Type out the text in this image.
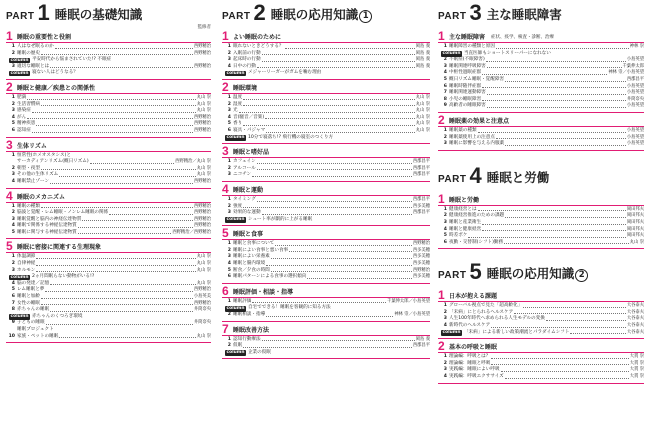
PART 1 睡眠の基礎知識
監修者
1 睡眠の重要性と役割
1 人はなぜ眠るのか	西野精治
2 睡眠の歴史	西野精治
column 平安時代から悩まされていた!? 不眠症
3 適切な睡眠とは	西野精治
column 寝ない人はどうなる？
2 睡眠と健康／疾患との関係性
1 肥満	丸山 崇
2 生活習慣病	丸山 崇
3 感染症	丸山 崇
4 がん	西野精治
5 精神疾患	西野精治
6 認知症	西野精治
3 生体リズム
1 恒常性(ホメオスタシス)と
サーカディアンリズム(概日リズム)	西野精治／丸山 崇
2 朝型・夜型	丸山 崇
3 その他の生体リズム	丸山 崇
4 睡眠禁止ゾーン	西野精治
4 睡眠のメカニズム
1 睡眠の種類	西野精治
2 脳波と覚醒・レム睡眠・ノンレム睡眠の関係	西野精治
3 睡眠覚醒と脳内の神経伝達物質	西野精治
4 睡眠で関係する神経伝達物質	西野精治
5 睡眠に関与する神経伝達物質	西野精治／西野精治
5 睡眠に密接に関連する生理現象
1 体温調節	丸山 崇
2 自律神経	丸山 崇
3 ホルモン	丸山 崇
column 2ヵ月間眠らない動物がいる!?
4 脳の発達／記憶	丸山 崇
5 レム睡眠と夢	西野精治
6 睡眠と加齢	小島英美
7 女性の睡眠	西野精治
8 赤ちゃんの睡眠	井筒奈央
column 赤ちゃんのくつろぎ環境
9 子どもの睡眠	井筒奈央
睡眠プロジェクト
10 家族・ペットの睡眠	丸山 崇
PART 2 睡眠の応用知識 1
1 よい睡眠のために
1 眠れないときどうする？	岡島 義
2 入眠前の行動	岡島 義
3 起床時の行動	岡島 義
4 日中の行動	岡島 義
column メジャーリーガーがガムを噛む理由
2 睡眠環境
1 温度	丸山 崇
2 湿度	丸山 崇
3 光	丸山 崇
4 音(騒音／音楽)	丸山 崇
5 香り	丸山 崇
6 寝具・パジャマ	丸山 崇
column 10分で寝落ち!? 飛行機の寝室のつくり方
3 睡眠と嗜好品
1 カフェイン	西郡昌平
2 アルコール	西郡昌平
3 ニコチン	西郡昌平
4 睡眠と運動
1 タイミング	西郡昌平
2 強度	西多美穂
3 効果的な運動	西郡昌平
column シュート率が劇的に上がる睡眠
5 睡眠と食事
1 睡眠と食事について	西野精治
2 睡眠によい食事と悪い食事	西多美穂
3 睡眠によい栄養素	西多美穂
4 睡眠と腸内環境	西多美穂
5 断食／夕食の時間	西野精治
6 睡眠パターンによる食事の選択傾向	西多美穂
6 睡眠評価・相談・指導
1 睡眠評価	千葉伸太郎／小島英望
column 自宅でできる！睡眠を客観的に知る方法
2 睡眠相談・指導	神林 崇／小島英望
7 睡眠改善方法
1 認知行動療法	岡島 義
2 仮眠	西郡昌平
column 企業の仮眠
PART 3 主な睡眠障害
1 主な睡眠障害 症状、疫学、検査・診断、治療
1 睡眠障害の種類と原因	神林 崇
column 当直医師もショートスリーパーになれない
2 不眠症(不眠障害)	小島英望
3 睡眠関連呼吸障害	千葉伸太郎
4 中枢性過眠症群	神林 崇／小島英望
5 概日リズム睡眠・覚醒障害	西郡昌平
6 睡眠時随伴症群	小島英望
7 睡眠関連運動障害	小島英望
8 小児の睡眠障害	井筒奈央
9 高齢者の睡眠障害	小島英望
2 睡眠薬の効果と注意点
1 睡眠薬の種類	小島英望
2 睡眠薬使用上の注意点	小島英望
3 睡眠に影響を与える内服薬	小島英望
PART 4 睡眠と労働
1 睡眠と労働
1 健康経営とは	岡田邦夫
2 健康経営推進のための課題	岡田邦夫
3 睡眠と産業衛生	岡田邦夫
4 睡眠と健康経営	岡田邦夫
5 時差ボケ	岡田邦夫
6 夜勤・交替制(シフト)勤務	丸山 崇
PART 5 睡眠の応用知識 2
1 日本が抱える課題
1 グローバル視点で見た「超高齢化」	大谷泰夫
2 「未病」にとられるヘルスケア	大谷泰夫
3 人生100年時代へ求められる人生モデルの変換	大谷泰夫
4 新時代のヘルスケア	大谷泰夫
column 「未病」による新しい政策潮流とパラダイムシフト	大谷泰夫
2 基本の呼吸と睡眠
1 理論編：呼吸とは？	大貫 崇
2 理論編：睡眠と呼吸	大貫 崇
3 実践編：睡眠によい呼吸	大貫 崇
4 実践編：呼吸エクササイズ	大貫 崇
